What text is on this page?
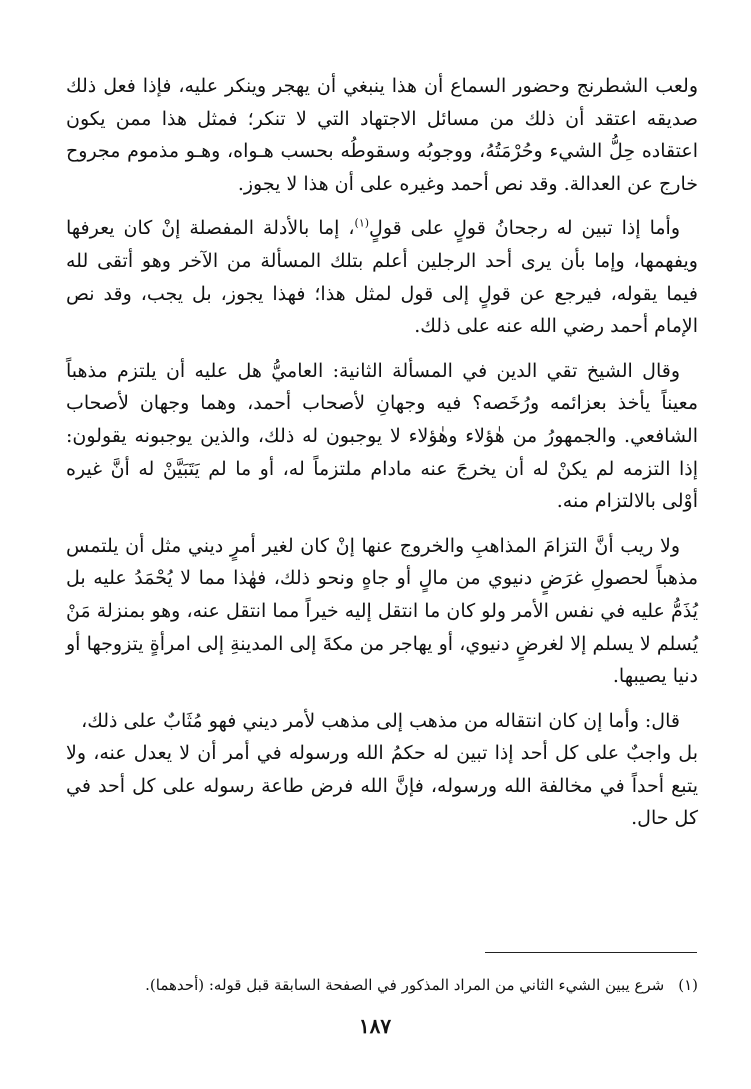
ولعب الشطرنج وحضور السماع أن هذا ينبغي أن يهجر وينكر عليه، فإذا فعل ذلك صديقه اعتقد أن ذلك من مسائل الاجتهاد التي لا تنكر؛ فمثل هذا ممن يكون اعتقاده حِلُّ الشيء وحُرْمَتُهُ، ووجوبُه وسقوطُه بحسب هـواه، وهـو مذموم مجروح خارج عن العدالة. وقد نص أحمد وغيره على أن هذا لا يجوز.

وأما إذا تبين له رجحانُ قولٍ على قولٍ$^{(١)}$، إما بالأدلة المفصلة إنْ كان يعرفها ويفهمها، وإما بأن يرى أحد الرجلين أعلم بتلك المسألة من الآخر وهو أتقى لله فيما يقوله، فيرجع عن قولٍ إلى قول لمثل هذا؛ فهذا يجوز، بل يجب، وقد نص الإمام أحمد رضي الله عنه على ذلك.

وقال الشيخ تقي الدين في المسألة الثانية: العاميُّ هل عليه أن يلتزم مذهباً معيناً يأخذ بعزائمه ورُخَصه؟ فيه وجهانِ لأصحاب أحمد، وهما وجهان لأصحاب الشافعي. والجمهورُ من هٰؤلاء وهٰؤلاء لا يوجبون له ذلك، والذين يوجبونه يقولون: إذا التزمه لم يكنْ له أن يخرجَ عنه مادام ملتزماً له، أو ما لم يَتَبَيَّنْ له أنَّ غيره أوْلى بالالتزام منه.

ولا ريب أنَّ التزامَ المذاهبِ والخروج عنها إنْ كان لغير أمرٍ ديني مثل أن يلتمس مذهباً لحصولِ غرَضٍ دنيوي من مالٍ أو جاهٍ ونحو ذلك، فهٰذا مما لا يُحْمَدُ عليه بل يُذَمُّ عليه في نفس الأمر ولو كان ما انتقل إليه خيراً مما انتقل عنه، وهو بمنزلة مَنْ يُسلم لا يسلم إلا لغرضٍ دنيوي، أو يهاجر من مكةَ إلى المدينةِ إلى امرأةٍ يتزوجها أو دنيا يصيبها.

قال: وأما إن كان انتقاله من مذهب إلى مذهب لأمر ديني فهو مُثَابٌ على ذلك،

بل واجبٌ على كل أحد إذا تبين له حكمُ الله ورسوله في أمر أن لا يعدل عنه، ولا يتبع أحداً في مخالفة الله ورسوله، فإنَّ الله فرض طاعة رسوله على كل أحد في كل حال.

(١)شرع يبين الشيء الثاني من المراد المذكور في الصفحة السابقة قبل قوله: (أحدهما).
١٨٧
